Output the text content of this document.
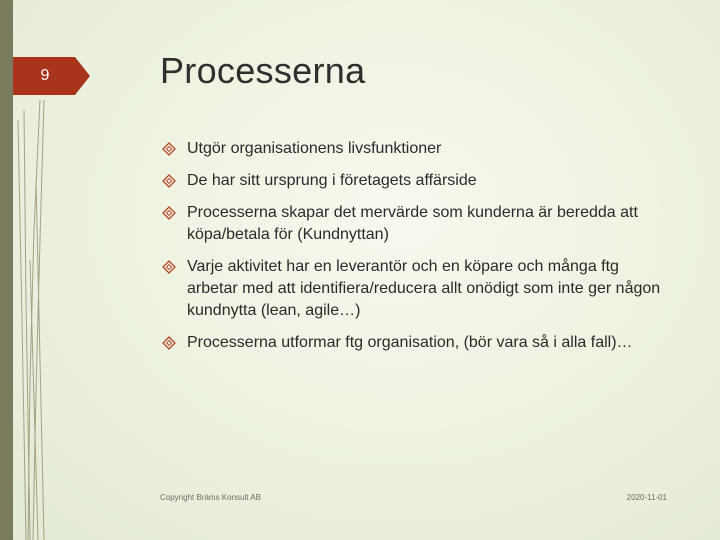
9	Processerna
Utgör organisationens livsfunktioner
De har sitt ursprung i företagets affärside
Processerna skapar det mervärde som kunderna är beredda att köpa/betala för (Kundnyttan)
Varje aktivitet har en leverantör och en köpare och många ftg arbetar med att identifiera/reducera allt onödigt som inte ger någon kundnytta (lean, agile…)
Processerna utformar ftg organisation, (bör vara så i alla fall)…
Copyright Bräms Konsult AB	2020-11-01
